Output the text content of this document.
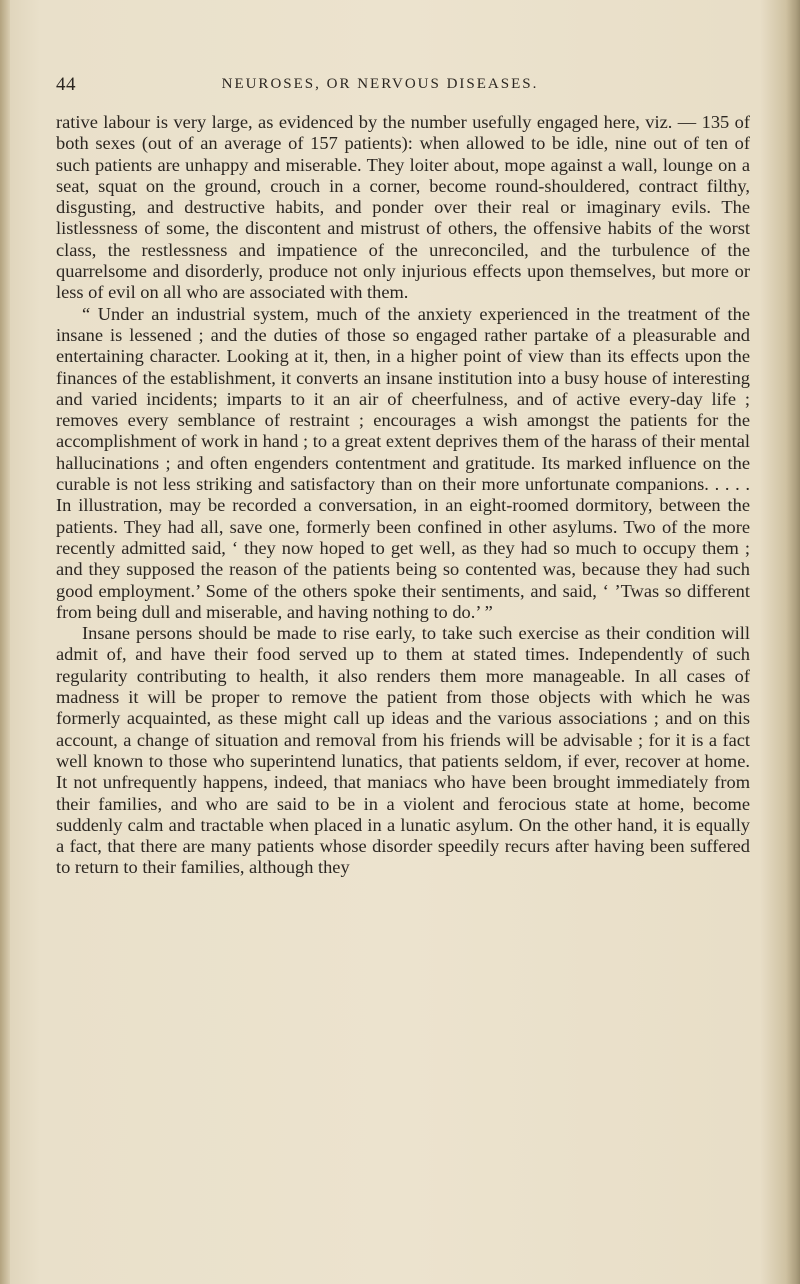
44	NEUROSES, OR NERVOUS DISEASES.

rative labour is very large, as evidenced by the number usefully engaged here, viz. — 135 of both sexes (out of an average of 157 patients): when allowed to be idle, nine out of ten of such patients are unhappy and miserable. They loiter about, mope against a wall, lounge on a seat, squat on the ground, crouch in a corner, become round-shouldered, contract filthy, disgusting, and destructive habits, and ponder over their real or imaginary evils. The listlessness of some, the discontent and mistrust of others, the offensive habits of the worst class, the restlessness and impatience of the unreconciled, and the turbulence of the quarrelsome and disorderly, produce not only injurious effects upon themselves, but more or less of evil on all who are associated with them.

“ Under an industrial system, much of the anxiety experienced in the treatment of the insane is lessened ; and the duties of those so engaged rather partake of a pleasurable and entertaining character. Looking at it, then, in a higher point of view than its effects upon the finances of the establishment, it converts an insane institution into a busy house of interesting and varied incidents; imparts to it an air of cheerfulness, and of active every-day life ; removes every semblance of restraint ; encourages a wish amongst the patients for the accomplishment of work in hand ; to a great extent deprives them of the harass of their mental hallucinations ; and often engenders contentment and gratitude. Its marked influence on the curable is not less striking and satisfactory than on their more unfortunate companions. . . . . In illustration, may be recorded a conversation, in an eight-roomed dormitory, between the patients. They had all, save one, formerly been confined in other asylums. Two of the more recently admitted said, ‘ they now hoped to get well, as they had so much to occupy them ; and they supposed the reason of the patients being so contented was, because they had such good employment.’ Some of the others spoke their sentiments, and said, ‘ ’Twas so different from being dull and miserable, and having nothing to do.’ ”

Insane persons should be made to rise early, to take such exercise as their condition will admit of, and have their food served up to them at stated times. Independently of such regularity contributing to health, it also renders them more manageable. In all cases of madness it will be proper to remove the patient from those objects with which he was formerly acquainted, as these might call up ideas and the various associations ; and on this account, a change of situation and removal from his friends will be advisable ; for it is a fact well known to those who superintend lunatics, that patients seldom, if ever, recover at home. It not unfrequently happens, indeed, that maniacs who have been brought immediately from their families, and who are said to be in a violent and ferocious state at home, become suddenly calm and tractable when placed in a lunatic asylum. On the other hand, it is equally a fact, that there are many patients whose disorder speedily recurs after having been suffered to return to their families, although they
